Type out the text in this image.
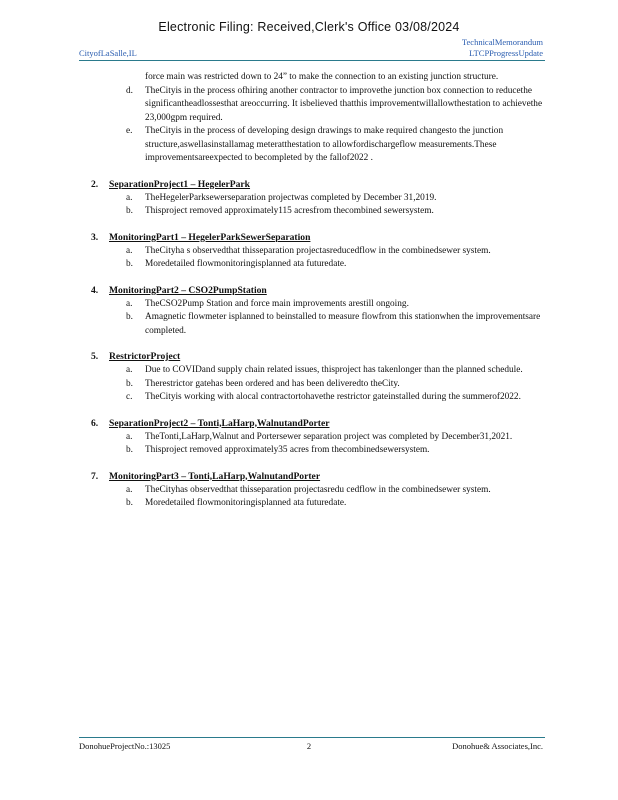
Electronic Filing: Received,Clerk's Office 03/08/2024
CityofLaSalle,IL
TechnicalMemorandum
LTCPProgressUpdate
force main was restricted down to 24” to make the connection to an existing junction structure.
d. TheCityis in the process ofhiring another contractor to improvethe junction box connection to reducethe significantheadlossesthat areoccurring. It isbelieved thatthis improvementwillallowthestation to achievethe 23,000gpm required.
e. TheCityis in the process of developing design drawings to make required changesto the junction structure,aswellasinstallamag meteratthestation to allowfordischargeflow measurements.These improvementsareexpected to becompleted by the fallof2022 .
2. SeparationProject1 – HegelerPark
a. TheHegelerParksewerseparation projectwas completed by December 31,2019.
b. Thisproject removed approximately115 acresfrom thecombined sewersystem.
3. MonitoringPart1 – HegelerParkSewerSeparation
a. TheCityha s observedthat thisseparation projectasreducedflow in the combinedsewer system.
b. Moredetailed flowmonitoringisplanned ata futuredate.
4. MonitoringPart2 – CSO2PumpStation
a. TheCSO2Pump Station and force main improvements arestill ongoing.
b. Amagnetic flowmeter isplanned to beinstalled to measure flowfrom this stationwhen the improvementsare completed.
5. RestrictorProject
a. Due to COVIDand supply chain related issues, thisproject has takenlonger than the planned schedule.
b. Therestrictor gatehas been ordered and has been deliveredto theCity.
c. TheCityis working with alocal contractortohavethe restrictor gateinstalled during the summerof2022.
6. SeparationProject2 – Tonti,LaHarp,WalnutandPorter
a. TheTonti,LaHarp,Walnut and Portersewer separation project was completed by December31,2021.
b. Thisproject removed approximately35 acres from thecombinedsewersystem.
7. MonitoringPart3 – Tonti,LaHarp,WalnutandPorter
a. TheCityhas observedthat thisseparation projectasredu cedflow in the combinedsewer system.
b. Moredetailed flowmonitoringisplanned ata futuredate.
DonohueProjectNo.:13025	2	Donohue& Associates,Inc.
